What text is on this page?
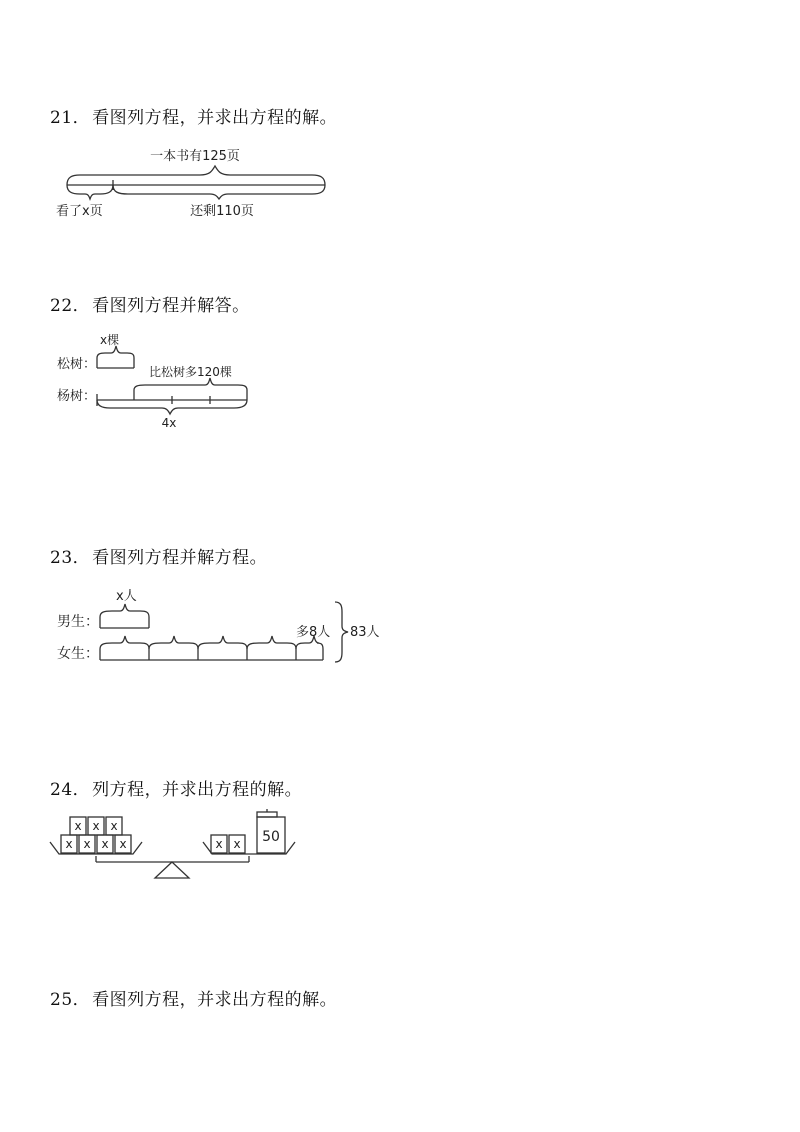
21． 看图列方程，并求出方程的解。
一本书有125页
看了x页	还剩110页
22． 看图列方程并解答。
x棵
松树：	比松树多120棵
杨树：
4x
23． 看图列方程并解方程。
x人
男生：
女生：
多8人 83人
24． 列方程，并求出方程的解。
x x x x
x x x
x x 50
25． 看图列方程，并求出方程的解。
